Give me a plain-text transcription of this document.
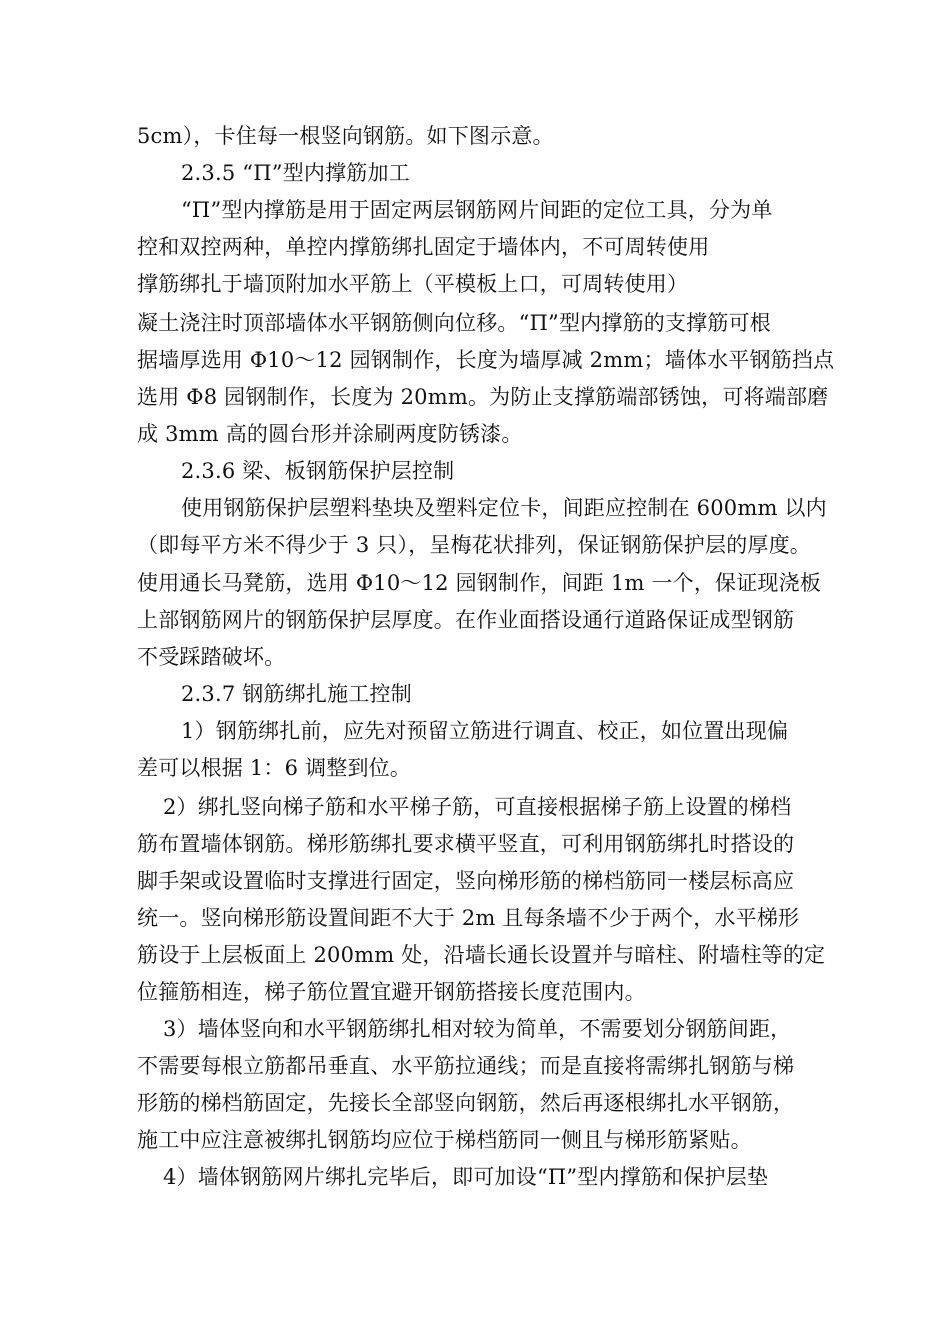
5cm），卡住每一根竖向钢筋。如下图示意。
2.3.5 “Π”型内撑筋加工
“Π”型内撑筋是用于固定两层钢筋网片间距的定位工具，分为单
控和双控两种，单控内撑筋绑扎固定于墙体内，不可周转使用
撑筋绑扎于墙顶附加水平筋上（平模板上口，可周转使用）
凝土浇注时顶部墙体水平钢筋侧向位移。“Π”型内撑筋的支撑筋可根
据墙厚选用 Φ10～12 园钢制作，长度为墙厚减 2mm；墙体水平钢筋挡点
选用 Φ8 园钢制作，长度为 20mm。为防止支撑筋端部锈蚀，可将端部磨
成 3mm 高的圆台形并涂刷两度防锈漆。
2.3.6 梁、板钢筋保护层控制
使用钢筋保护层塑料垫块及塑料定位卡，间距应控制在 600mm 以内
（即每平方米不得少于 3 只），呈梅花状排列，保证钢筋保护层的厚度。
使用通长马凳筋，选用 Φ10～12 园钢制作，间距 1m 一个，保证现浇板
上部钢筋网片的钢筋保护层厚度。在作业面搭设通行道路保证成型钢筋
不受踩踏破坏。
2.3.7 钢筋绑扎施工控制
1）钢筋绑扎前，应先对预留立筋进行调直、校正，如位置出现偏
差可以根据 1：6 调整到位。
2）绑扎竖向梯子筋和水平梯子筋，可直接根据梯子筋上设置的梯档
筋布置墙体钢筋。梯形筋绑扎要求横平竖直，可利用钢筋绑扎时搭设的
脚手架或设置临时支撑进行固定，竖向梯形筋的梯档筋同一楼层标高应
统一。竖向梯形筋设置间距不大于 2m 且每条墙不少于两个，水平梯形
筋设于上层板面上 200mm 处，沿墙长通长设置并与暗柱、附墙柱等的定
位箍筋相连，梯子筋位置宜避开钢筋搭接长度范围内。
3）墙体竖向和水平钢筋绑扎相对较为简单，不需要划分钢筋间距，
不需要每根立筋都吊垂直、水平筋拉通线；而是直接将需绑扎钢筋与梯
形筋的梯档筋固定，先接长全部竖向钢筋，然后再逐根绑扎水平钢筋，
施工中应注意被绑扎钢筋均应位于梯档筋同一侧且与梯形筋紧贴。
4）墙体钢筋网片绑扎完毕后，即可加设“Π”型内撑筋和保护层垫
